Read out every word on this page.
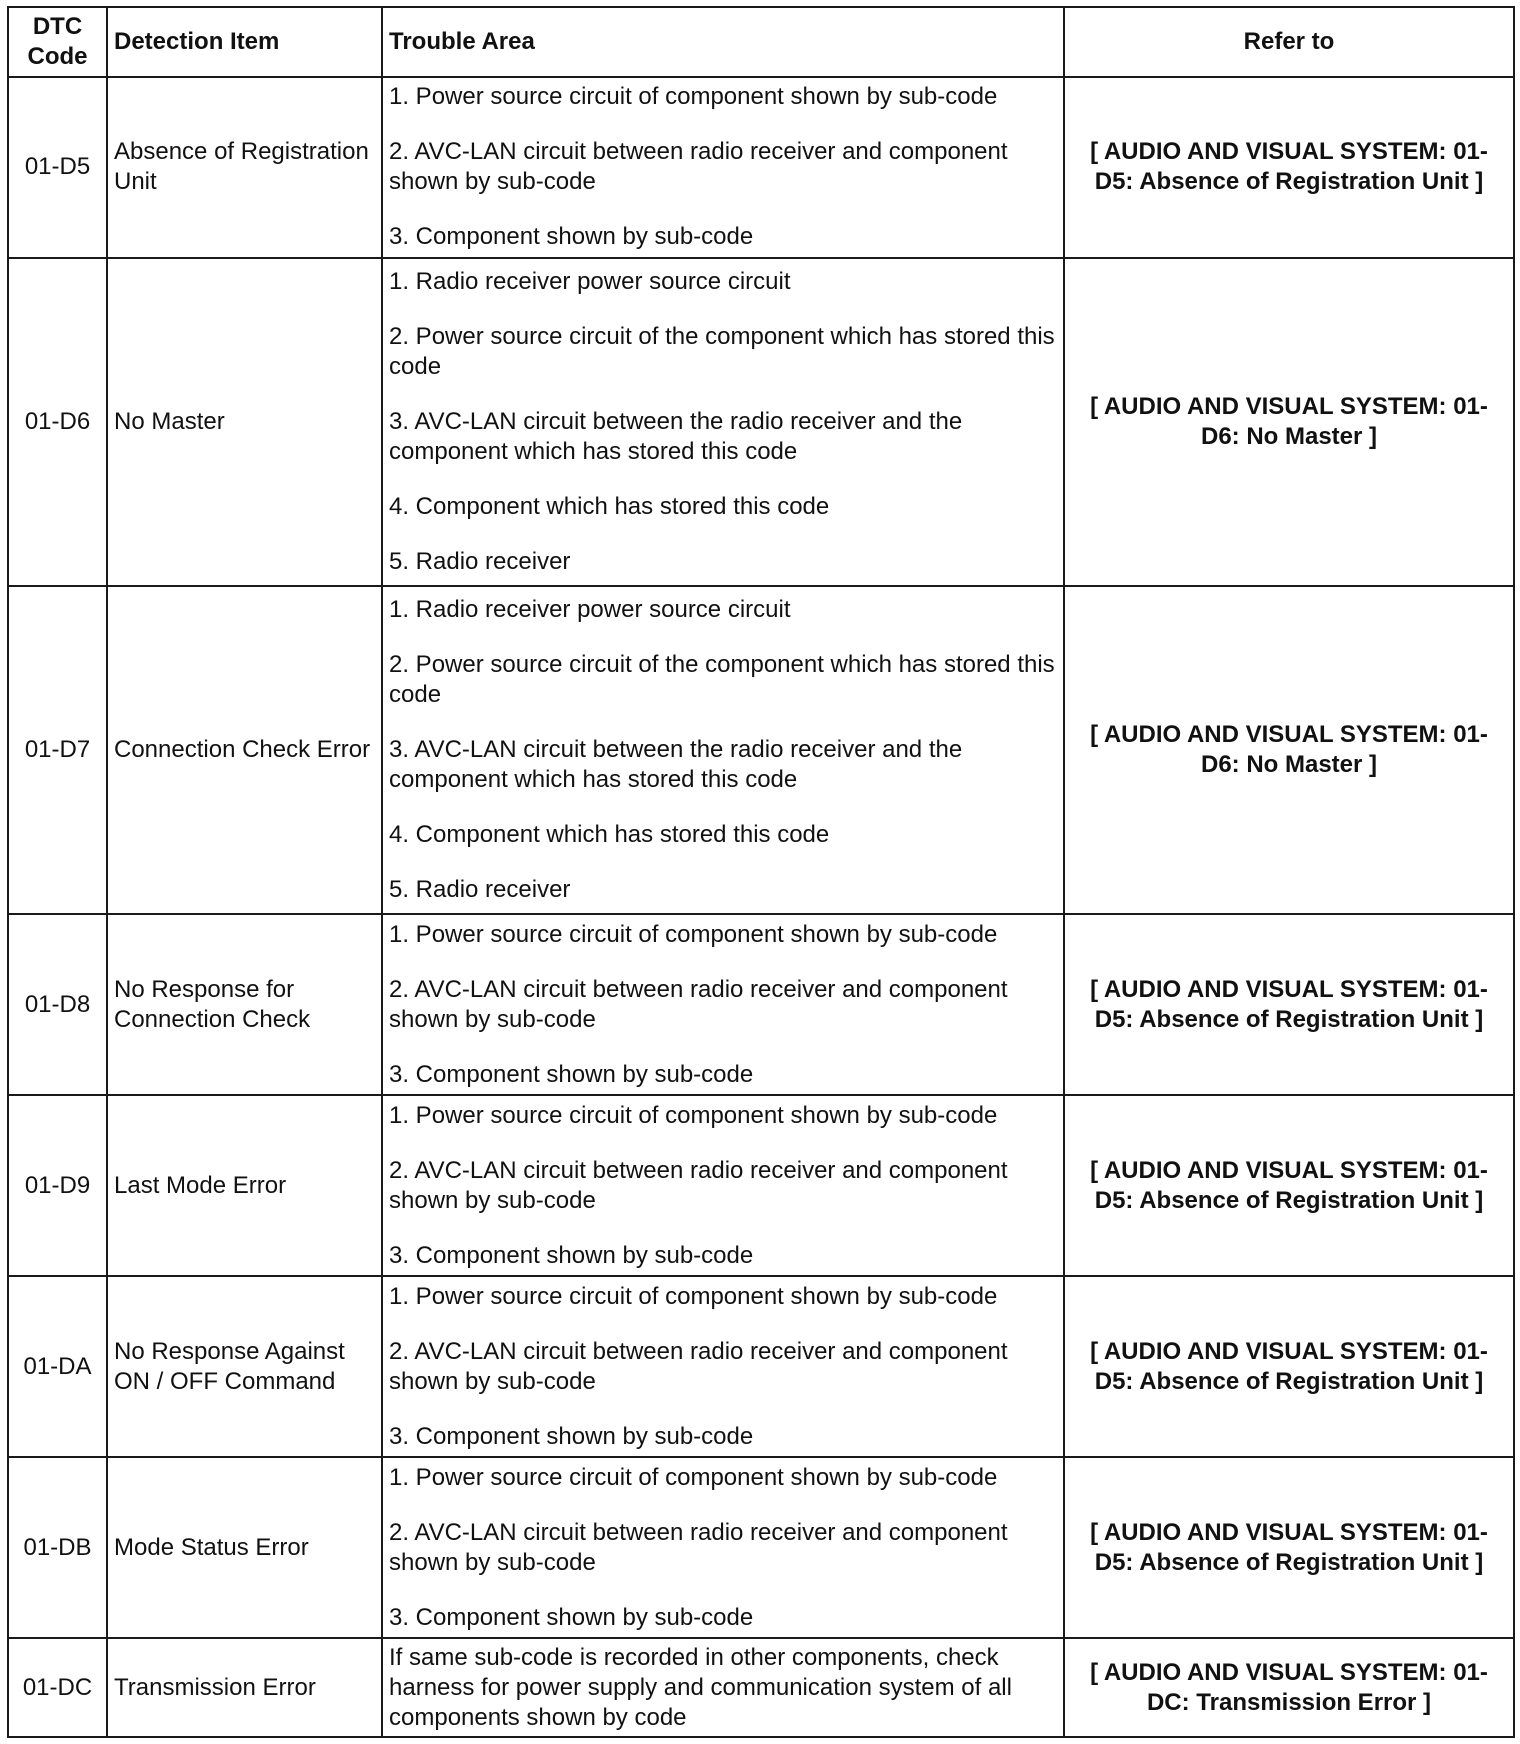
DTC
Code	Detection Item	Trouble Area	Refer to
01-D5	Absence of Registration Unit	1. Power source circuit of component shown by sub-code

2. AVC-LAN circuit between radio receiver and component shown by sub-code

3. Component shown by sub-code	[ AUDIO AND VISUAL SYSTEM: 01-D5: Absence of Registration Unit ]
01-D6	No Master	1. Radio receiver power source circuit

2. Power source circuit of the component which has stored this code

3. AVC-LAN circuit between the radio receiver and the component which has stored this code

4. Component which has stored this code

5. Radio receiver	[ AUDIO AND VISUAL SYSTEM: 01-D6: No Master ]
01-D7	Connection Check Error	1. Radio receiver power source circuit

2. Power source circuit of the component which has stored this code

3. AVC-LAN circuit between the radio receiver and the component which has stored this code

4. Component which has stored this code

5. Radio receiver	[ AUDIO AND VISUAL SYSTEM: 01-D6: No Master ]
01-D8	No Response for Connection Check	1. Power source circuit of component shown by sub-code

2. AVC-LAN circuit between radio receiver and component shown by sub-code

3. Component shown by sub-code	[ AUDIO AND VISUAL SYSTEM: 01-D5: Absence of Registration Unit ]
01-D9	Last Mode Error	1. Power source circuit of component shown by sub-code

2. AVC-LAN circuit between radio receiver and component shown by sub-code

3. Component shown by sub-code	[ AUDIO AND VISUAL SYSTEM: 01-D5: Absence of Registration Unit ]
01-DA	No Response Against ON / OFF Command	1. Power source circuit of component shown by sub-code

2. AVC-LAN circuit between radio receiver and component shown by sub-code

3. Component shown by sub-code	[ AUDIO AND VISUAL SYSTEM: 01-D5: Absence of Registration Unit ]
01-DB	Mode Status Error	1. Power source circuit of component shown by sub-code

2. AVC-LAN circuit between radio receiver and component shown by sub-code

3. Component shown by sub-code	[ AUDIO AND VISUAL SYSTEM: 01-D5: Absence of Registration Unit ]
01-DC	Transmission Error	If same sub-code is recorded in other components, check harness for power supply and communication system of all components shown by code	[ AUDIO AND VISUAL SYSTEM: 01-DC: Transmission Error ]
